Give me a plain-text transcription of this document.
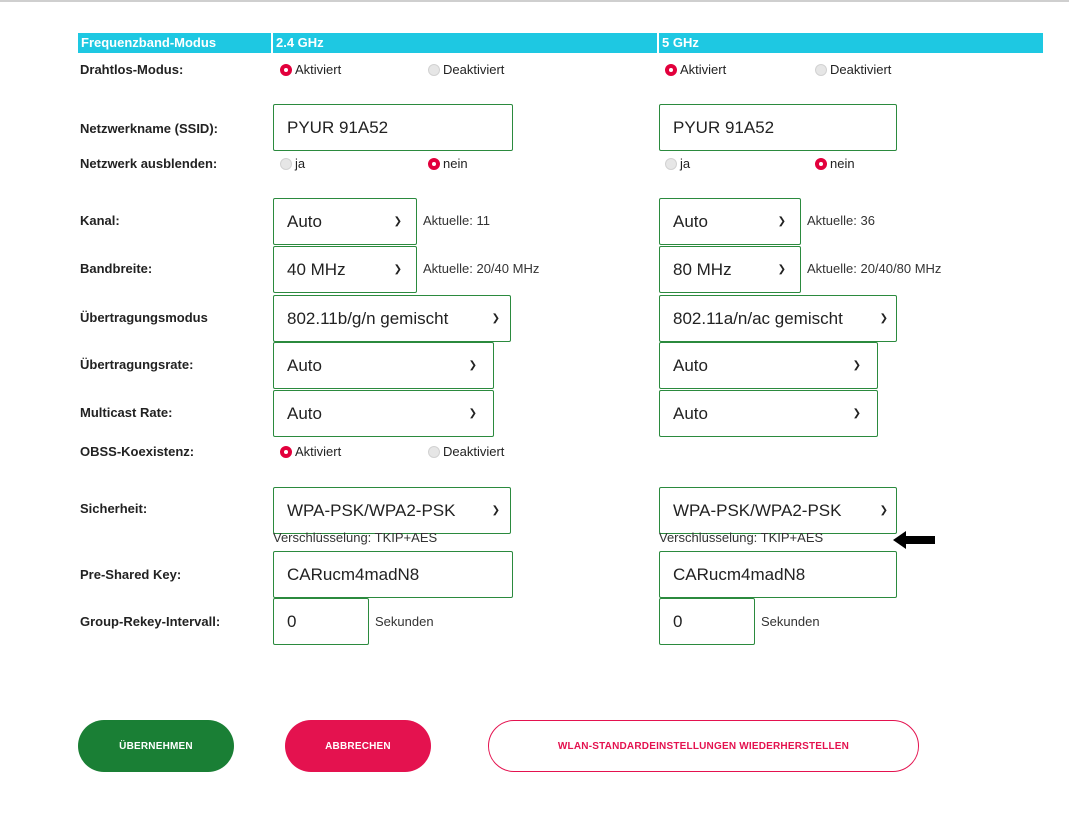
Frequenzband-Modus	2.4 GHz	5 GHz
Drahtlos-Modus:	Aktiviert	Deaktiviert	Aktiviert	Deaktiviert
Netzwerkname (SSID):	PYUR 91A52	PYUR 91A52
Netzwerk ausblenden:	ja	nein	ja	nein
Kanal:	Auto	❯ Aktuelle: 11	Auto	❯ Aktuelle: 36
Bandbreite:	40 MHz	❯ Aktuelle: 20/40 MHz	80 MHz	❯ Aktuelle: 20/40/80 MHz
Übertragungsmodus	802.11b/g/n gemischt	❯	802.11a/n/ac gemischt	❯
Übertragungsrate:	Auto	❯	Auto	❯
Multicast Rate:	Auto	❯	Auto	❯
OBSS-Koexistenz:	Aktiviert	Deaktiviert
Sicherheit:	WPA-PSK/WPA2-PSK	❯	WPA-PSK/WPA2-PSK	❯
Verschlüsselung: TKIP+AES	Verschlüsselung: TKIP+AES
Pre-Shared Key:	CARucm4madN8	CARucm4madN8
Group-Rekey-Intervall:	0	Sekunden	0	Sekunden
ÜBERNEHMEN	ABBRECHEN	WLAN-STANDARDEINSTELLUNGEN WIEDERHERSTELLEN
